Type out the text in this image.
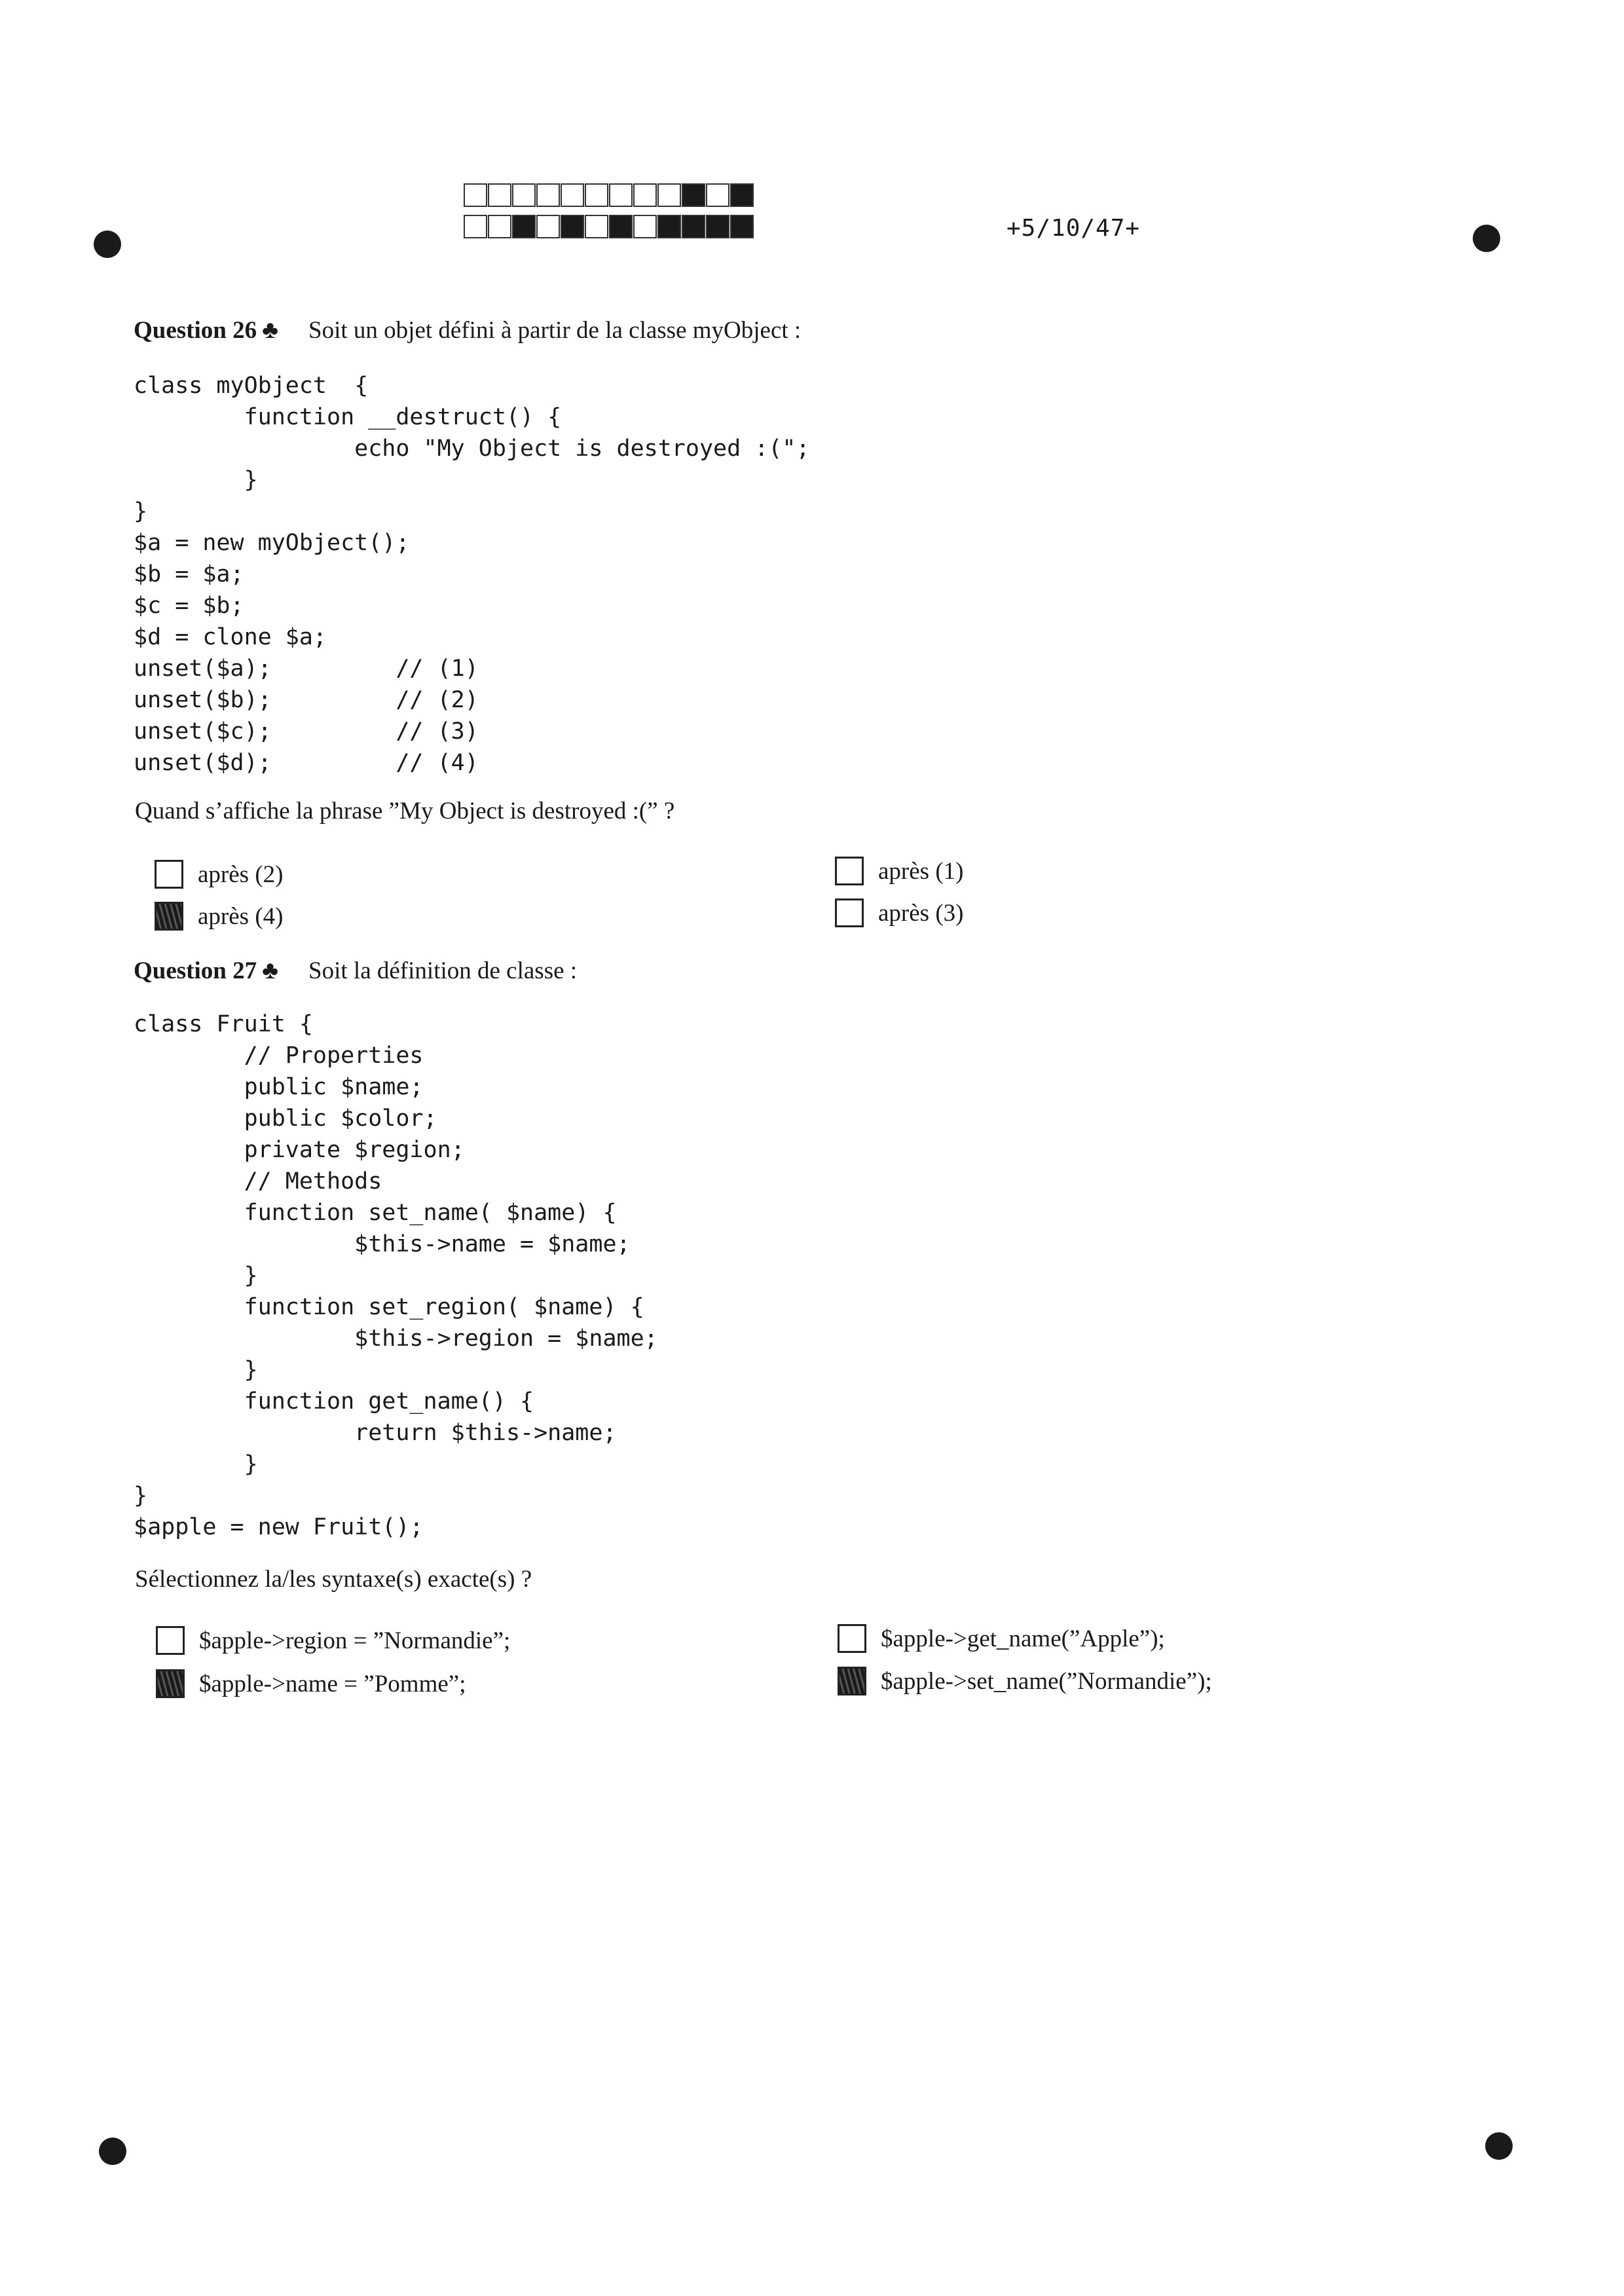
+5/10/47+
Question 26 ♣ Soit un objet défini à partir de la classe myObject :
class myObject  {
function __destruct() {
echo "My Object is destroyed :(";
}
}
$a = new myObject();
$b = $a;
$c = $b;
$d = clone $a;
unset($a);         // (1)
unset($b);         // (2)
unset($c);         // (3)
unset($d);         // (4)
Quand s’affiche la phrase ”My Object is destroyed :(” ?
après (2)	après (1)
après (4)	après (3)
Question 27 ♣ Soit la définition de classe :
class Fruit {
// Properties
public $name;
public $color;
private $region;
// Methods
function set_name( $name) {
$this->name = $name;
}
function set_region( $name) {
$this->region = $name;
}
function get_name() {
return $this->name;
}
}
$apple = new Fruit();
Sélectionnez la/les syntaxe(s) exacte(s) ?
$apple->region = ”Normandie”;	$apple->get_name(”Apple”);
$apple->name = ”Pomme”;	$apple->set_name(”Normandie”);
